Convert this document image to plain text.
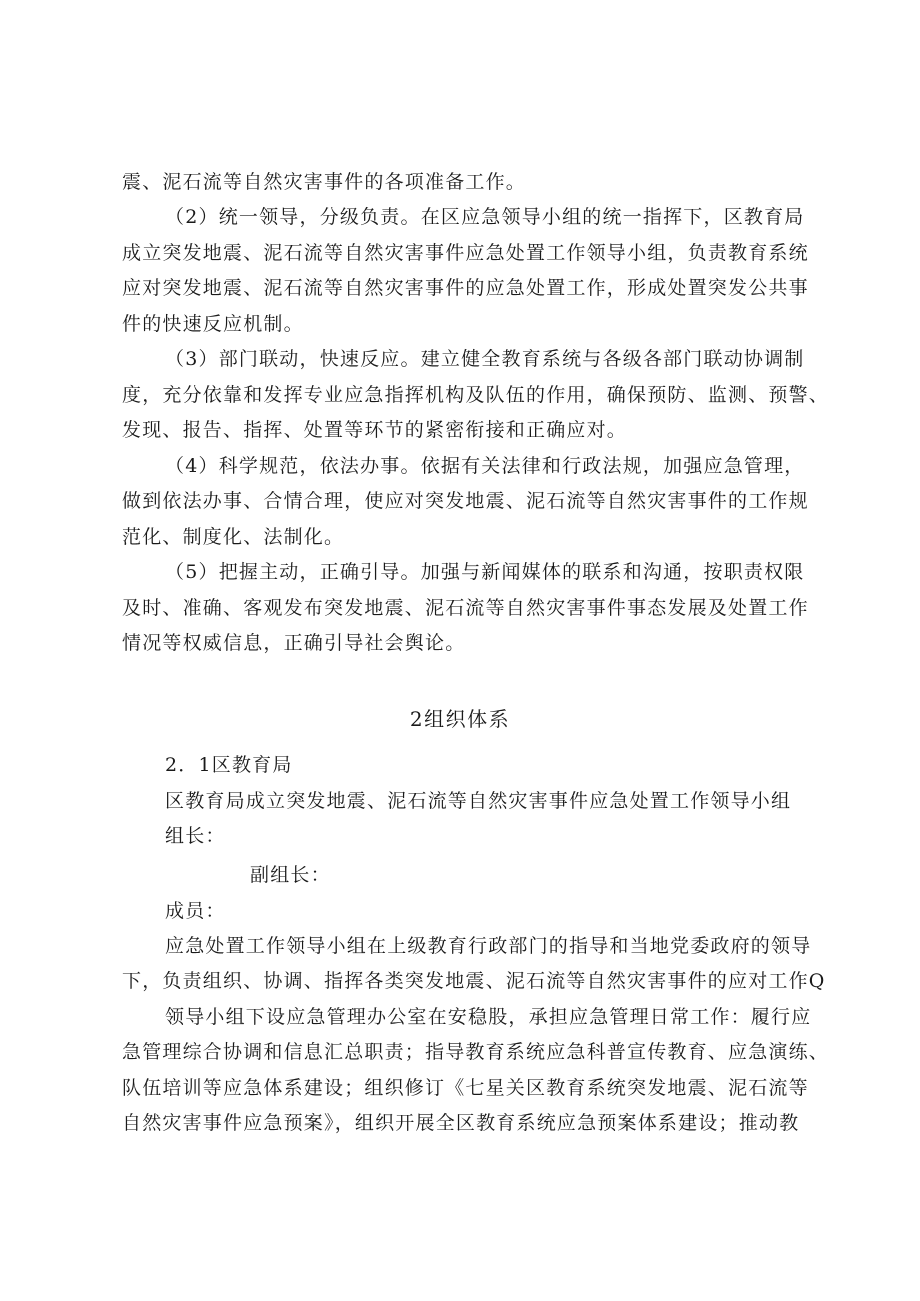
震、泥石流等自然灾害事件的各项准备工作。
（2）统一领导，分级负责。在区应急领导小组的统一指挥下，区教育局
成立突发地震、泥石流等自然灾害事件应急处置工作领导小组，负责教育系统
应对突发地震、泥石流等自然灾害事件的应急处置工作，形成处置突发公共事
件的快速反应机制。
（3）部门联动，快速反应。建立健全教育系统与各级各部门联动协调制
度，充分依靠和发挥专业应急指挥机构及队伍的作用，确保预防、监测、预警、
发现、报告、指挥、处置等环节的紧密衔接和正确应对。
（4）科学规范，依法办事。依据有关法律和行政法规，加强应急管理，
做到依法办事、合情合理，使应对突发地震、泥石流等自然灾害事件的工作规
范化、制度化、法制化。
（5）把握主动，正确引导。加强与新闻媒体的联系和沟通，按职责权限
及时、准确、客观发布突发地震、泥石流等自然灾害事件事态发展及处置工作
情况等权威信息，正确引导社会舆论。
2组织体系
2．1区教育局
区教育局成立突发地震、泥石流等自然灾害事件应急处置工作领导小组
组长：
副组长：
成员：
应急处置工作领导小组在上级教育行政部门的指导和当地党委政府的领导
下，负责组织、协调、指挥各类突发地震、泥石流等自然灾害事件的应对工作Q
领导小组下设应急管理办公室在安稳股，承担应急管理日常工作：履行应
急管理综合协调和信息汇总职责；指导教育系统应急科普宣传教育、应急演练、
队伍培训等应急体系建设；组织修订《七星关区教育系统突发地震、泥石流等
自然灾害事件应急预案》，组织开展全区教育系统应急预案体系建设；推动教
